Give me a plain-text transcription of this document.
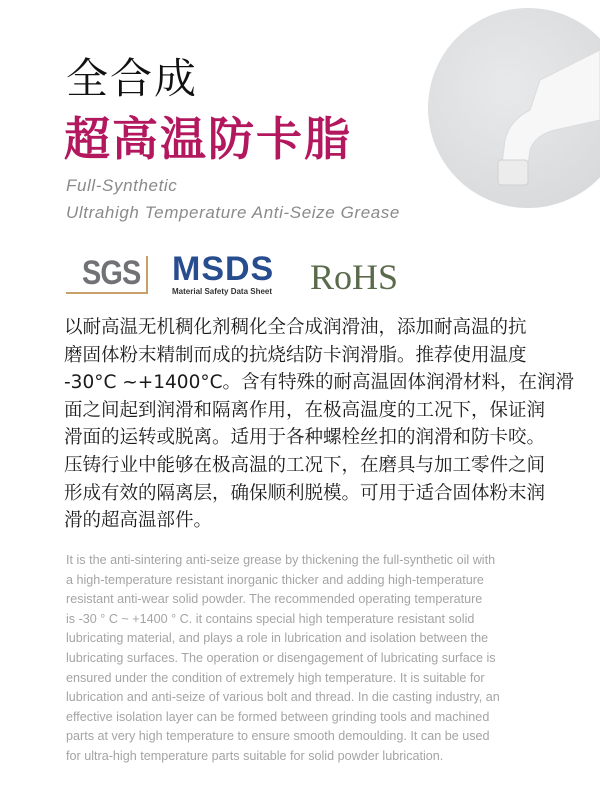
全合成
超高温防卡脂
Full-Synthetic
Ultrahigh Temperature Anti-Seize Grease
SGS MSDS
Material Safety Data Sheet RoHS
以耐高温无机稠化剂稠化全合成润滑油，添加耐高温的抗
磨固体粉末精制而成的抗烧结防卡润滑脂。推荐使用温度
-30°C ~+1400°C。含有特殊的耐高温固体润滑材料，在润滑
面之间起到润滑和隔离作用，在极高温度的工况下，保证润
滑面的运转或脱离。适用于各种螺栓丝扣的润滑和防卡咬。
压铸行业中能够在极高温的工况下，在磨具与加工零件之间
形成有效的隔离层，确保顺利脱模。可用于适合固体粉末润
滑的超高温部件。
It is the anti-sintering anti-seize grease by thickening the full-synthetic oil with
a high-temperature resistant inorganic thicker and adding high-temperature
resistant anti-wear solid powder. The recommended operating temperature
is -30 ° C ~ +1400 ° C. it contains special high temperature resistant solid
lubricating material, and plays a role in lubrication and isolation between the
lubricating surfaces. The operation or disengagement of lubricating surface is
ensured under the condition of extremely high temperature. It is suitable for
lubrication and anti-seize of various bolt and thread. In die casting industry, an
effective isolation layer can be formed between grinding tools and machined
parts at very high temperature to ensure smooth demoulding. It can be used
for ultra-high temperature parts suitable for solid powder lubrication.
